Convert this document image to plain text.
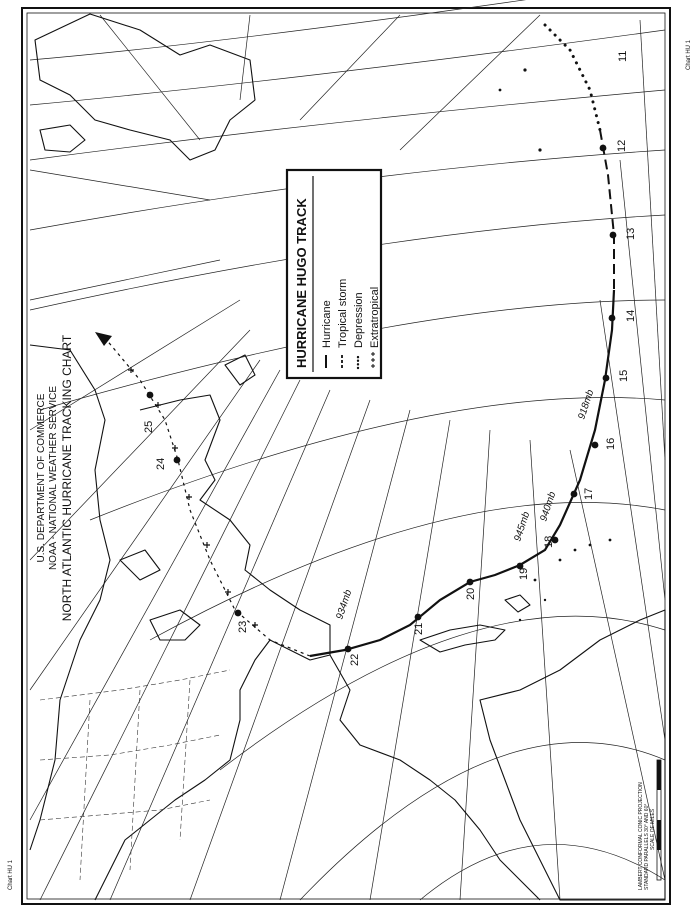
11
12
13
14
15
16
17
18
19
20
21
22
23
24
25
918mb
940mb
945mb
934mb
HURRICANE HUGO TRACK Hurricane Tropical storm Depression Extratropical
U.S. DEPARTMENT OF COMMERCE NOAA - NATIONAL WEATHER SERVICE NORTH ATLANTIC HURRICANE TRACKING CHART
Chart HU 1
Chart HU 1	LAMBERT CONFORMAL CONIC PROJECTION STANDARD PARALLELS 30° AND 60° SCALE OF MILES
